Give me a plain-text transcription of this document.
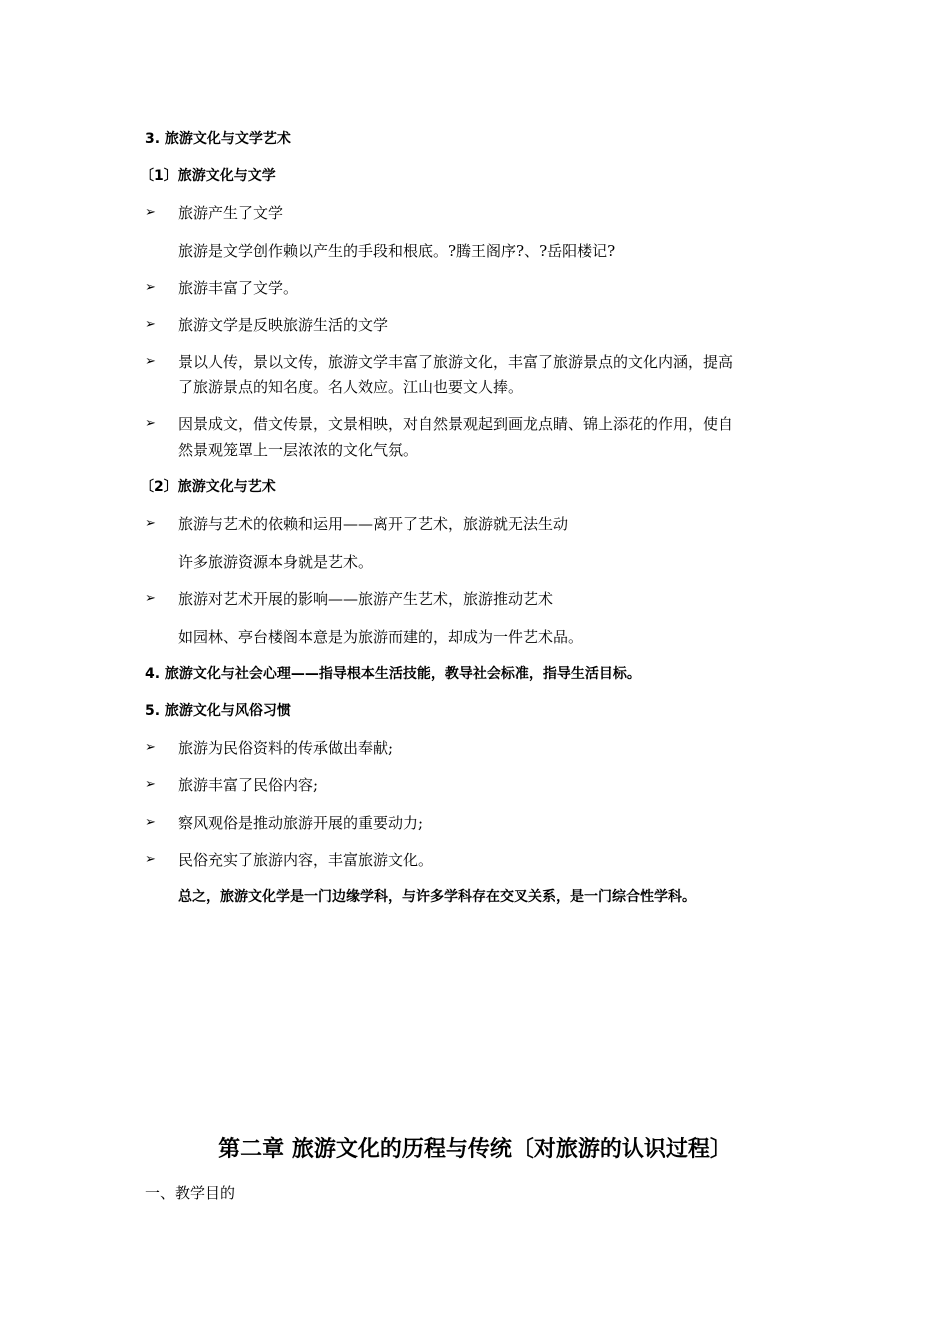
3. 旅游文化与文学艺术
〔1〕旅游文化与文学
➢ 旅游产生了文学
旅游是文学创作赖以产生的手段和根底。?腾王阁序?、?岳阳楼记?
➢ 旅游丰富了文学。
➢ 旅游文学是反映旅游生活的文学
➢ 景以人传，景以文传，旅游文学丰富了旅游文化，丰富了旅游景点的文化内涵，提高
了旅游景点的知名度。名人效应。江山也要文人捧。
➢ 因景成文，借文传景，文景相映，对自然景观起到画龙点睛、锦上添花的作用，使自
然景观笼罩上一层浓浓的文化气氛。
〔2〕旅游文化与艺术
➢ 旅游与艺术的依赖和运用——离开了艺术，旅游就无法生动
许多旅游资源本身就是艺术。
➢ 旅游对艺术开展的影响——旅游产生艺术，旅游推动艺术
如园林、亭台楼阁本意是为旅游而建的，却成为一件艺术品。
4. 旅游文化与社会心理——指导根本生活技能，教导社会标准，指导生活目标。
5. 旅游文化与风俗习惯
➢ 旅游为民俗资料的传承做出奉献;
➢ 旅游丰富了民俗内容;
➢ 察风观俗是推动旅游开展的重要动力;
➢ 民俗充实了旅游内容，丰富旅游文化。
总之，旅游文化学是一门边缘学科，与许多学科存在交叉关系，是一门综合性学科。
第二章 旅游文化的历程与传统〔对旅游的认识过程〕
一、教学目的
